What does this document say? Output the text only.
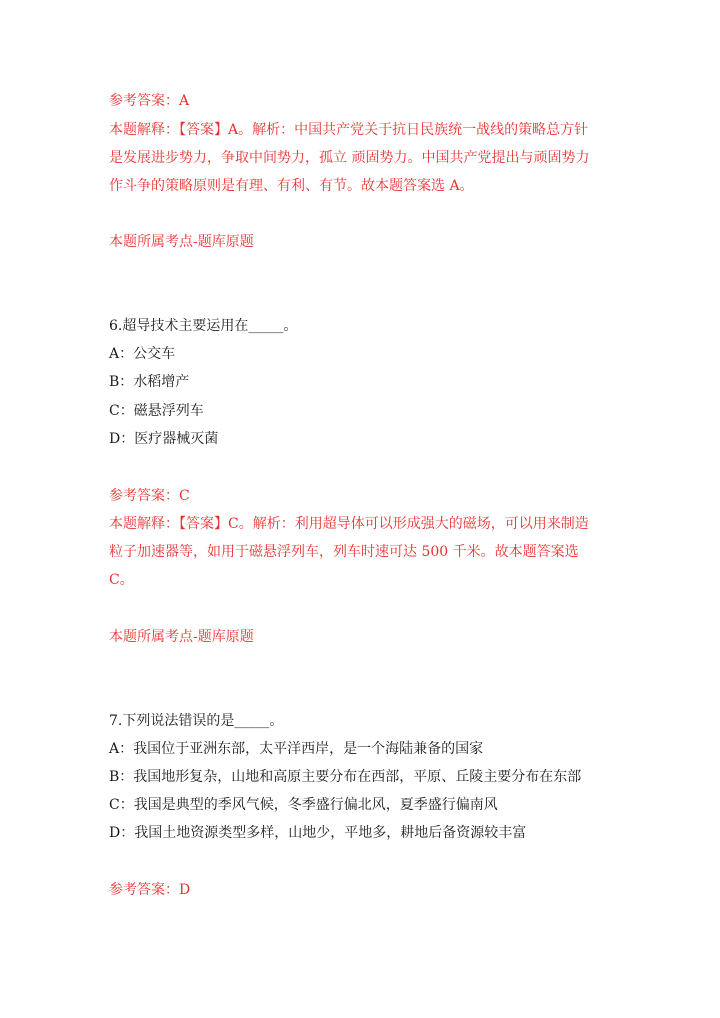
参考答案：A
本题解释：【答案】A。解析：中国共产党关于抗日民族统一战线的策略总方针
是发展进步势力，争取中间势力，孤立 顽固势力。中国共产党提出与顽固势力
作斗争的策略原则是有理、有利、有节。故本题答案选 A。
本题所属考点-题库原题
6.超导技术主要运用在_____。
A：公交车
B：水稻增产
C：磁悬浮列车
D：医疗器械灭菌
参考答案：C
本题解释：【答案】C。解析：利用超导体可以形成强大的磁场，可以用来制造
粒子加速器等，如用于磁悬浮列车，列车时速可达 500 千米。故本题答案选
C。
本题所属考点-题库原题
7.下列说法错误的是_____。
A：我国位于亚洲东部，太平洋西岸，是一个海陆兼备的国家
B：我国地形复杂，山地和高原主要分布在西部，平原、丘陵主要分布在东部
C：我国是典型的季风气候，冬季盛行偏北风，夏季盛行偏南风
D：我国土地资源类型多样，山地少，平地多，耕地后备资源较丰富
参考答案：D
